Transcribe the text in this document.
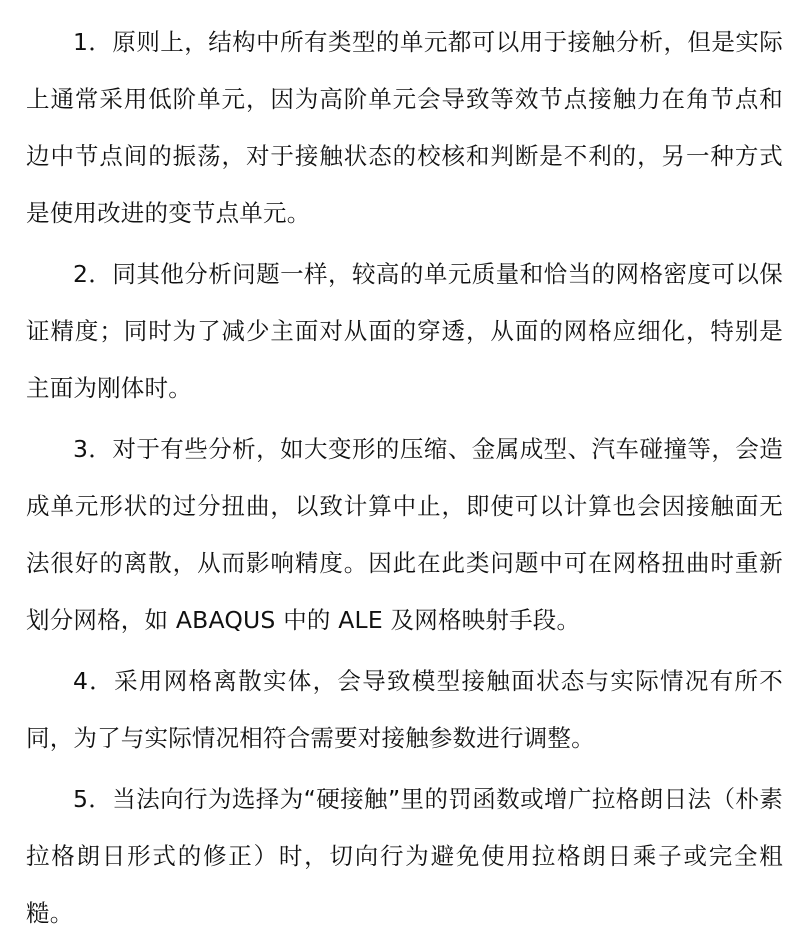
1．原则上，结构中所有类型的单元都可以用于接触分析，但是实际上通常采用低阶单元，因为高阶单元会导致等效节点接触力在角节点和边中节点间的振荡，对于接触状态的校核和判断是不利的，另一种方式是使用改进的变节点单元。

2．同其他分析问题一样，较高的单元质量和恰当的网格密度可以保证精度；同时为了减少主面对从面的穿透，从面的网格应细化，特别是主面为刚体时。

3．对于有些分析，如大变形的压缩、金属成型、汽车碰撞等，会造成单元形状的过分扭曲，以致计算中止，即使可以计算也会因接触面无法很好的离散，从而影响精度。因此在此类问题中可在网格扭曲时重新划分网格，如 ABAQUS 中的 ALE 及网格映射手段。

4．采用网格离散实体，会导致模型接触面状态与实际情况有所不同，为了与实际情况相符合需要对接触参数进行调整。

5．当法向行为选择为“硬接触”里的罚函数或增广拉格朗日法（朴素拉格朗日形式的修正）时，切向行为避免使用拉格朗日乘子或完全粗糙。
